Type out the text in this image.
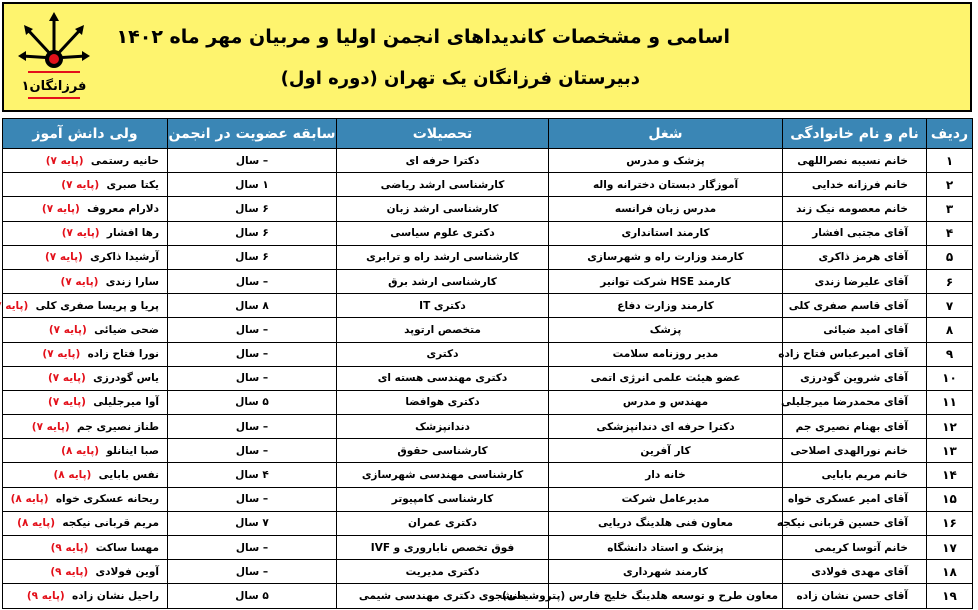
فرزانگان۱
اسامی و مشخصات کاندیداهای انجمن اولیا و مربیان مهر ماه ۱۴۰۲
دبیرستان فرزانگان یک تهران (دوره اول)
ردیف	نام و نام خانوادگی	شغل	تحصیلات	سابقه عضویت در انجمن	ولی دانش آموز
۱	خانم نسیبه نصراللهی	پزشک و مدرس	دکترا حرفه ای	– سال	حانیه رستمی  (پایه ۷)
۲	خانم فرزانه خدایی	آموزگار دبستان دخترانه واله	کارشناسی ارشد ریاضی	۱ سال	یکتا صبری  (پایه ۷)
۳	خانم معصومه نیک زند	مدرس زبان فرانسه	کارشناسی ارشد زبان	۶ سال	دلارام معروف  (پایه ۷)
۴	آقای مجتبی افشار	کارمند استانداری	دکتری علوم سیاسی	۶ سال	رها افشار  (پایه ۷)
۵	آقای هرمز ذاکری	کارمند وزارت راه و شهرسازی	کارشناسی ارشد راه و ترابری	۶ سال	آرشیدا ذاکری  (پایه ۷)
۶	آقای علیرضا زندی	کارمند HSE شرکت توانیر	کارشناسی ارشد برق	– سال	سارا زندی  (پایه ۷)
۷	آقای قاسم صفری کلی	کارمند وزارت دفاع	دکتری IT	۸ سال	پریا و پریسا صفری کلی  (پایه
۸	آقای امید ضیائی	پزشک	متخصص ارتوپد	– سال	ضحی ضیائی  (پایه ۷)
۹	آقای امیرعباس فتاح زاده	مدیر روزنامه سلامت	دکتری	– سال	نورا فتاح زاده  (پایه ۷)
۱۰	آقای شروین گودرزی	عضو هیئت علمی انرژی اتمی	دکتری مهندسی هسته ای	– سال	یاس گودرزی  (پایه ۷)
۱۱	آقای محمدرضا میرجلیلی	مهندس و مدرس	دکتری هوافضا	۵ سال	آوا میرجلیلی  (پایه ۷)
۱۲	آقای بهنام نصیری جم	دکترا حرفه ای دندانپزشکی	دندانپزشک	– سال	طناز نصیری جم  (پایه ۷)
۱۳	خانم نورالهدی اصلاحی	کار آفرین	کارشناسی حقوق	– سال	صبا اینانلو  (پایه ۸)
۱۴	خانم مریم بابایی	خانه دار	کارشناسی مهندسی شهرسازی	۴ سال	نفس بابایی  (پایه ۸)
۱۵	آقای امیر عسکری خواه	مدیرعامل شرکت	کارشناسی کامپیوتر	– سال	ریحانه عسکری خواه  (پایه ۸)
۱۶	آقای حسین قربانی نیکجه	معاون فنی هلدینگ دریایی	دکتری عمران	۷ سال	مریم قربانی نیکجه  (پایه ۸)
۱۷	خانم آتوسا کریمی	پزشک و استاد دانشگاه	فوق تخصص ناباروری و IVF	– سال	مهسا ساکت  (پایه ۹)
۱۸	آقای مهدی فولادی	کارمند شهرداری	دکتری مدیریت	– سال	آوین فولادی  (پایه ۹)
۱۹	آقای حسن نشان زاده	معاون طرح و توسعه هلدینگ خلیج فارس (پتروشیمی)	دانشجوی دکتری مهندسی شیمی	۵ سال	راحیل نشان زاده  (پایه ۹)
